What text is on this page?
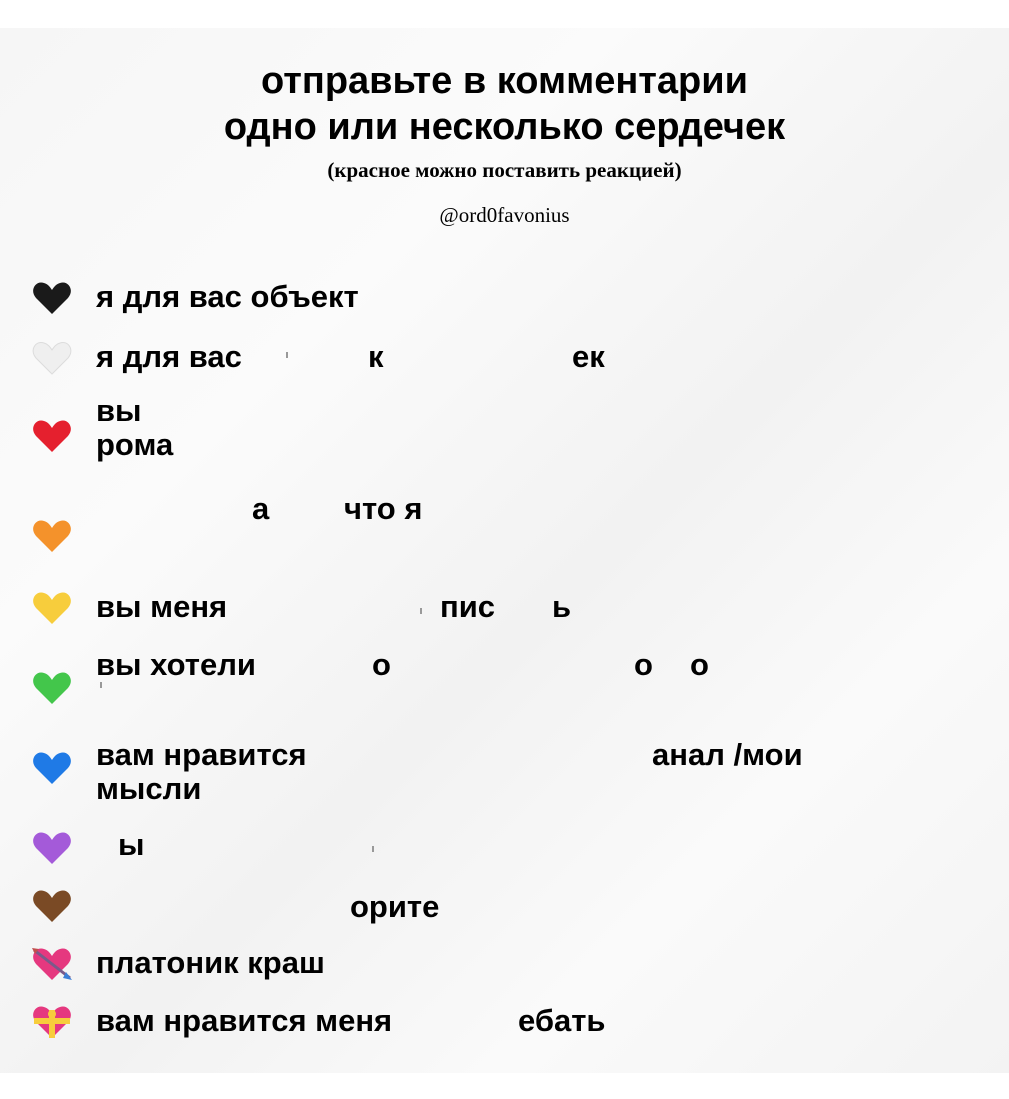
отправьте в комментарии
одно или несколько сердечек
(красное можно поставить реакцией)
@ord0favonius
я для вас объект
я для вас	к	ек
вы
рома
а что я
вы меня	пис ь
вы хотели	о	о о
вам нравится	анал /мои
мысли
ы
орите
платоник краш
вам нравится меня	ебать
